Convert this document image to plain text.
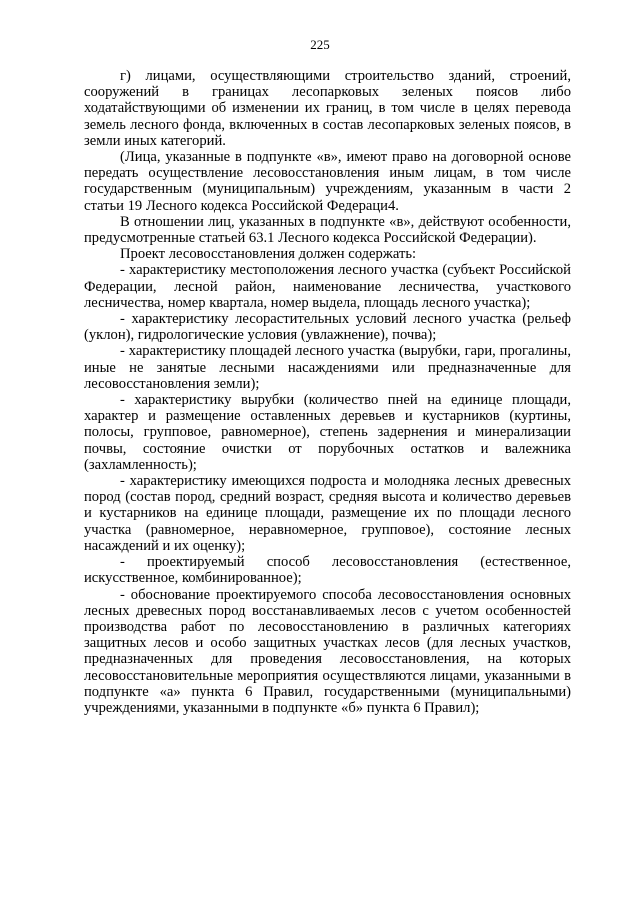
225

г) лицами, осуществляющими строительство зданий, строений, сооружений в границах лесопарковых зеленых поясов либо ходатайствующими об изменении их границ, в том числе в целях перевода земель лесного фонда, включенных в состав лесопарковых зеленых поясов, в земли иных категорий.

(Лица, указанные в подпункте «в», имеют право на договорной основе передать осуществление лесовосстановления иным лицам, в том числе государственным (муниципальным) учреждениям, указанным в части 2 статьи 19 Лесного кодекса Российской Федераци4.

В отношении лиц, указанных в подпункте «в», действуют особенности, предусмотренные статьей 63.1 Лесного кодекса Российской Федерации).

Проект лесовосстановления должен содержать:

- характеристику местоположения лесного участка (субъект Российской Федерации, лесной район, наименование лесничества, участкового лесничества, номер квартала, номер выдела, площадь лесного участка);

- характеристику лесорастительных условий лесного участка (рельеф (уклон), гидрологические условия (увлажнение), почва);

- характеристику площадей лесного участка (вырубки, гари, прогалины, иные не занятые лесными насаждениями или предназначенные для лесовосстановления земли);

- характеристику вырубки (количество пней на единице площади, характер и размещение оставленных деревьев и кустарников (куртины, полосы, групповое, равномерное), степень задернения и минерализации почвы, состояние очистки от порубочных остатков и валежника (захламленность);

- характеристику имеющихся подроста и молодняка лесных древесных пород (состав пород, средний возраст, средняя высота и количество деревьев и кустарников на единице площади, размещение их по площади лесного участка (равномерное, неравномерное, групповое), состояние лесных насаждений и их оценку);

- проектируемый способ лесовосстановления (естественное, искусственное, комбинированное);

- обоснование проектируемого способа лесовосстановления основных лесных древесных пород восстанавливаемых лесов с учетом особенностей производства работ по лесовосстановлению в различных категориях защитных лесов и особо защитных участках лесов (для лесных участков, предназначенных для проведения лесовосстановления, на которых лесовосстановительные мероприятия осуществляются лицами, указанными в подпункте «а» пункта 6 Правил, государственными (муниципальными) учреждениями, указанными в подпункте «б» пункта 6 Правил);
